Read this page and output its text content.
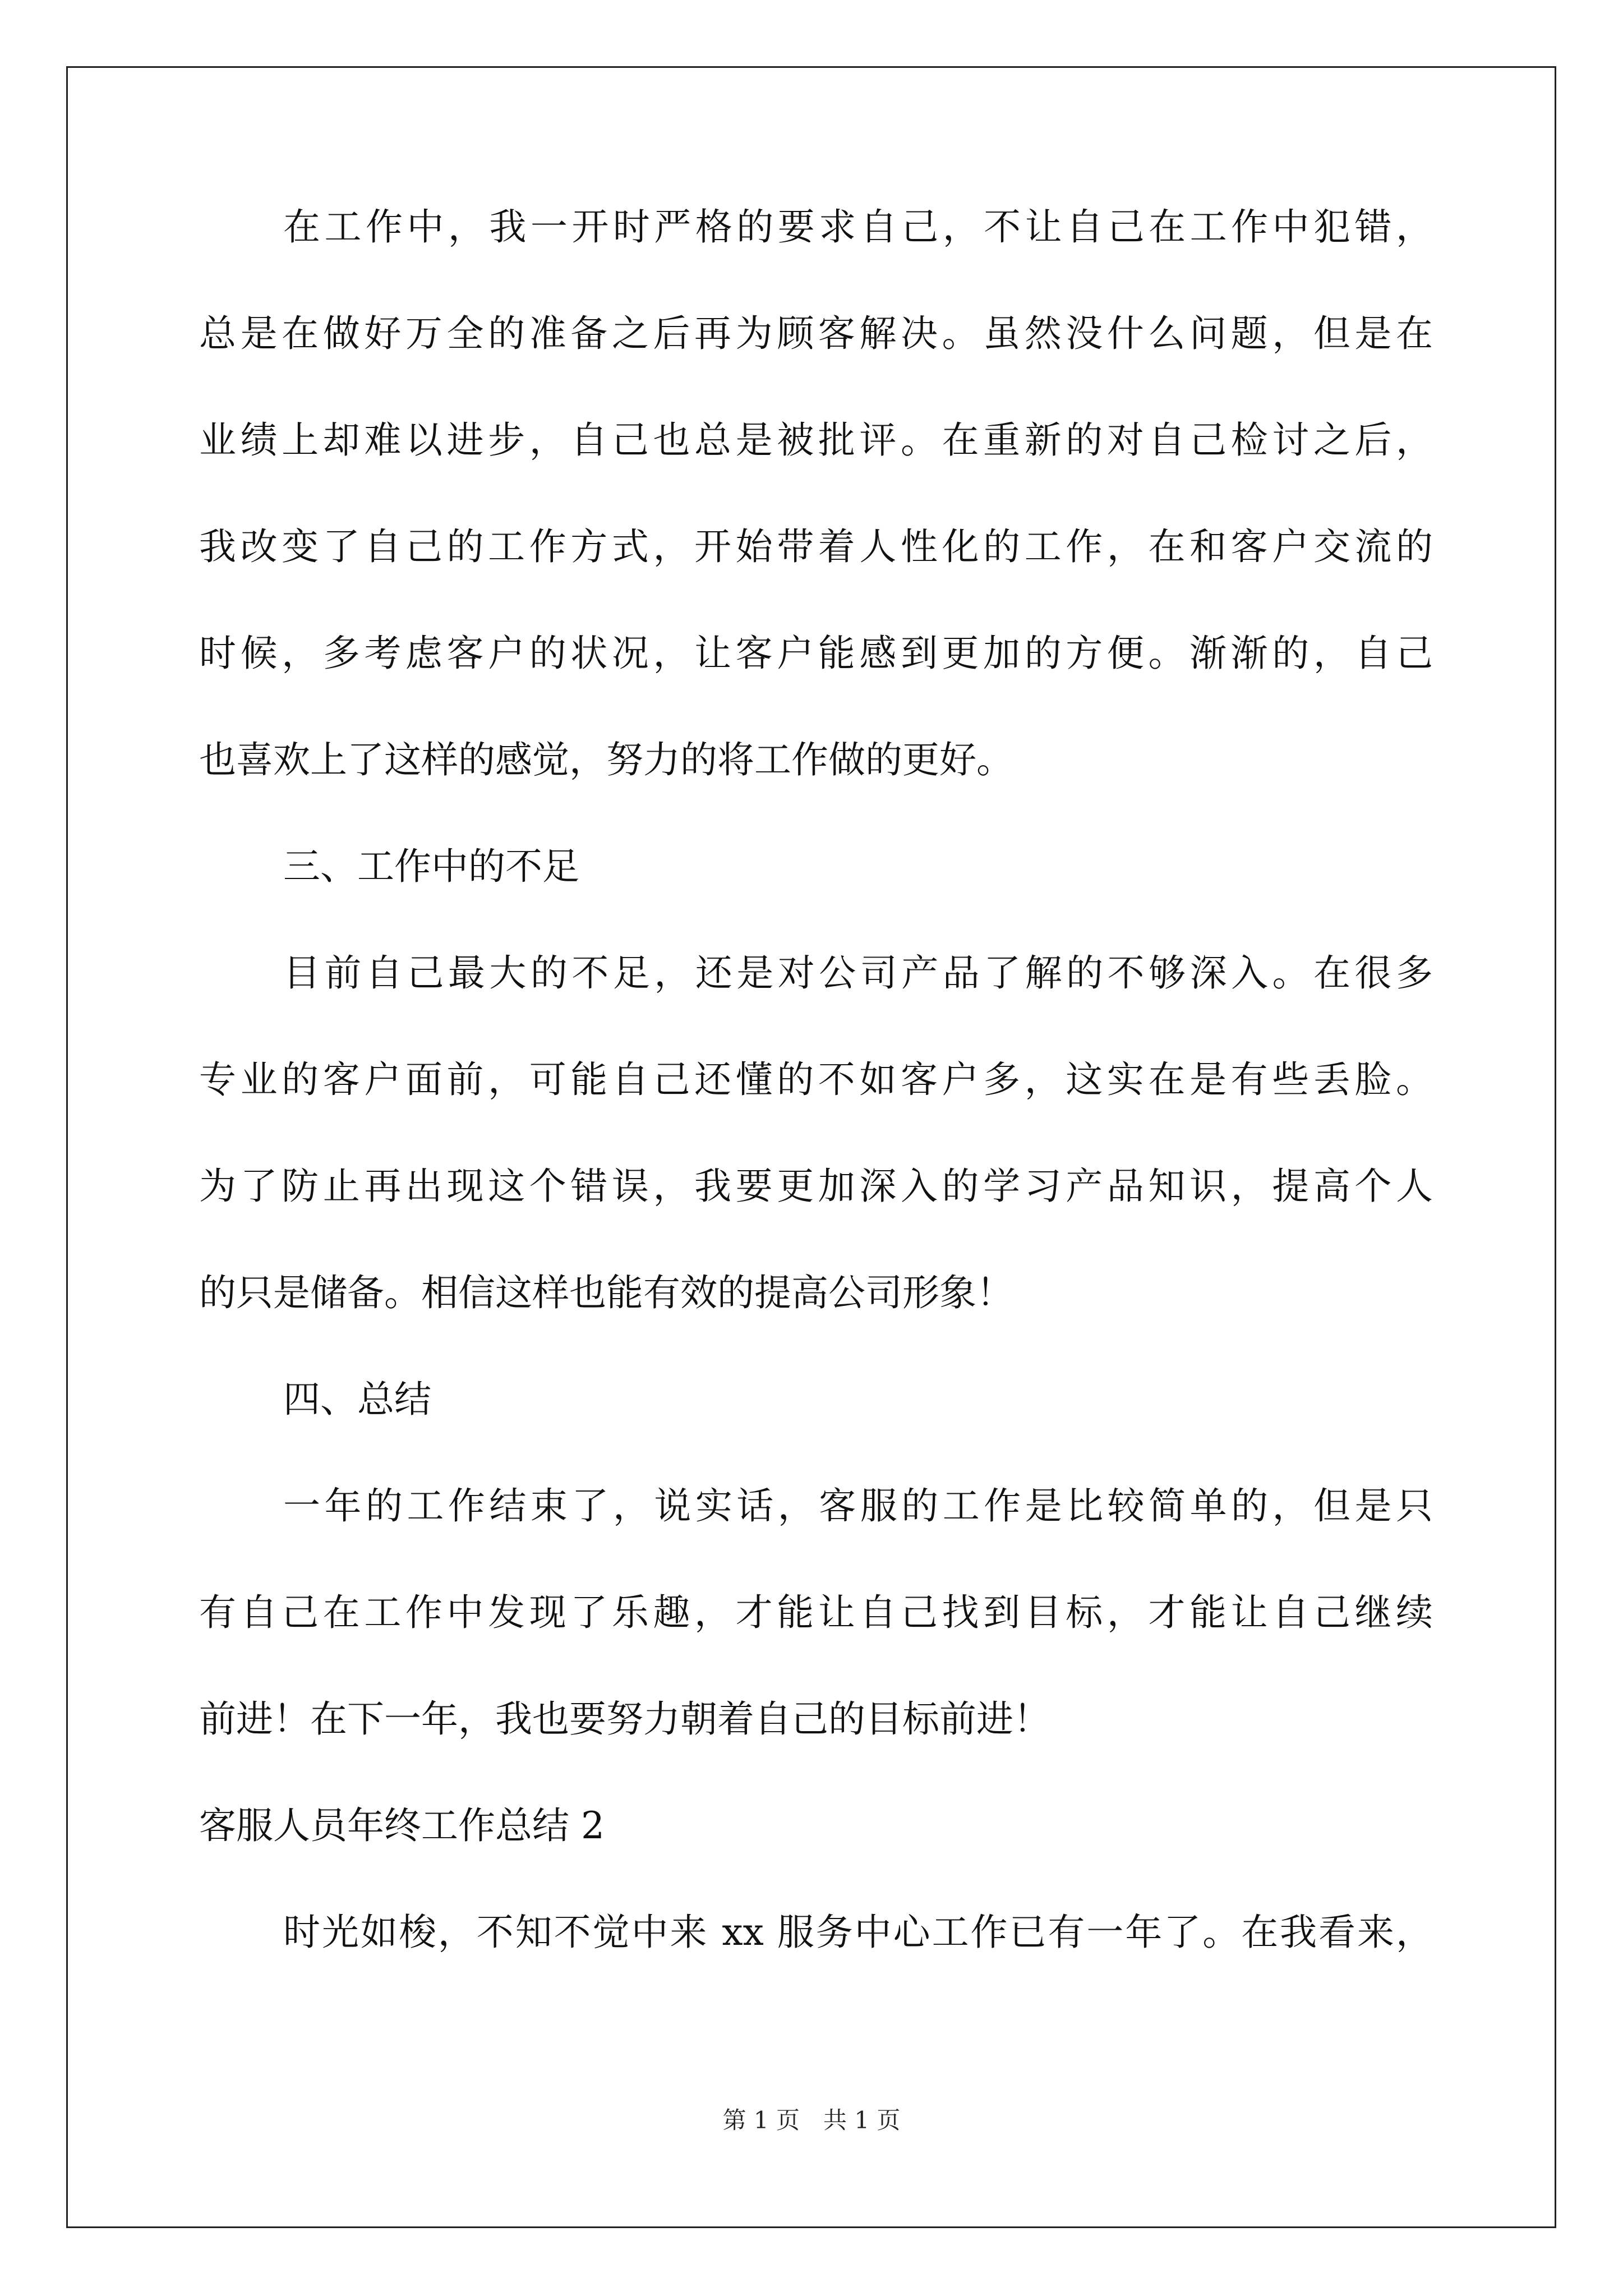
在工作中，我一开时严格的要求自己，不让自己在工作中犯错，
总是在做好万全的准备之后再为顾客解决。虽然没什么问题，但是在
业绩上却难以进步，自己也总是被批评。在重新的对自己检讨之后，
我改变了自己的工作方式，开始带着人性化的工作，在和客户交流的
时候，多考虑客户的状况，让客户能感到更加的方便。渐渐的，自己
也喜欢上了这样的感觉，努力的将工作做的更好。
三、工作中的不足
目前自己最大的不足，还是对公司产品了解的不够深入。在很多
专业的客户面前，可能自己还懂的不如客户多，这实在是有些丢脸。
为了防止再出现这个错误，我要更加深入的学习产品知识，提高个人
的只是储备。相信这样也能有效的提高公司形象！
四、总结
一年的工作结束了，说实话，客服的工作是比较简单的，但是只
有自己在工作中发现了乐趣，才能让自己找到目标，才能让自己继续
前进！在下一年，我也要努力朝着自己的目标前进！
客服人员年终工作总结 2
时光如梭，不知不觉中来 xx 服务中心工作已有一年了。在我看来，
第 1 页　共 1 页
